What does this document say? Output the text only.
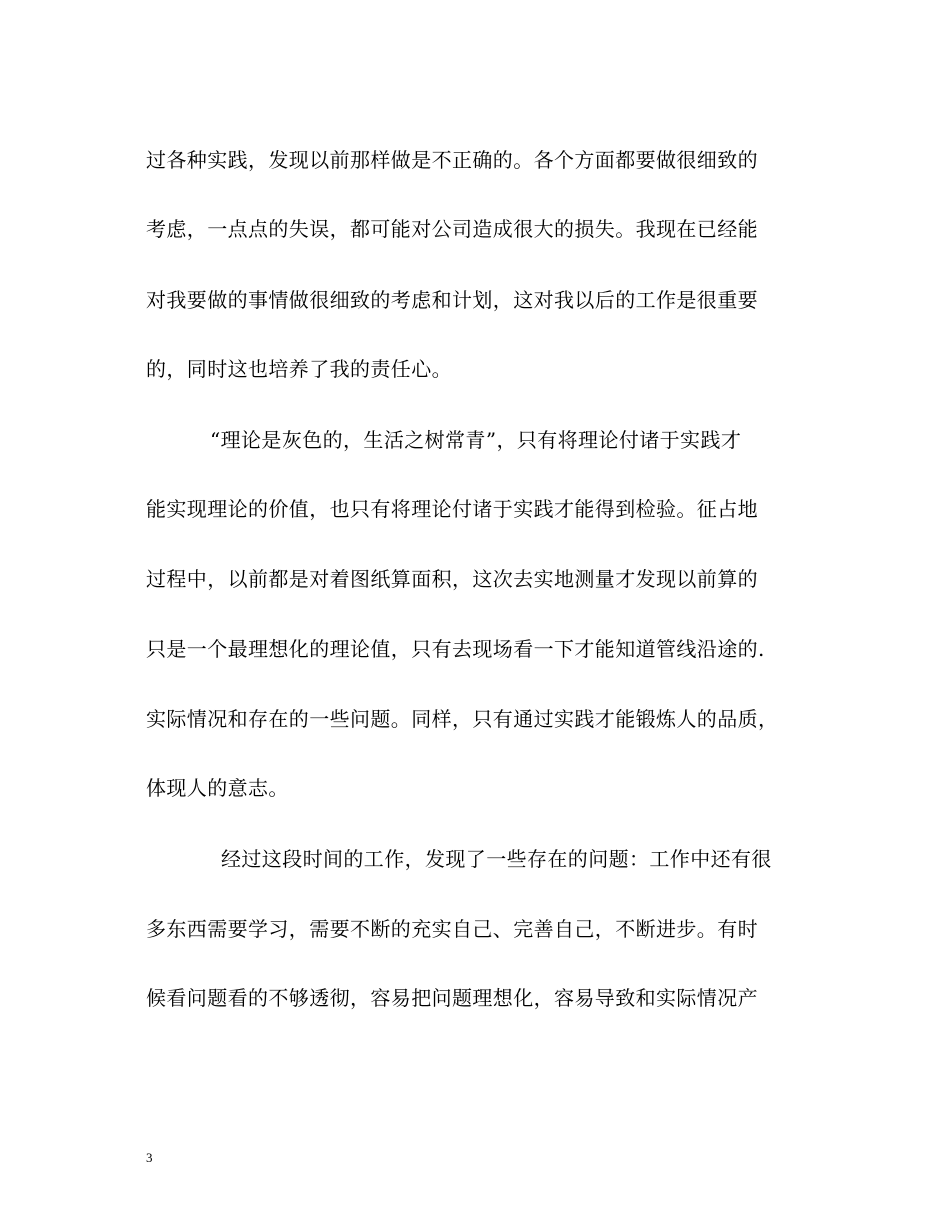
过各种实践，发现以前那样做是不正确的。各个方面都要做很细致的
考虑，一点点的失误，都可能对公司造成很大的损失。我现在已经能
对我要做的事情做很细致的考虑和计划，这对我以后的工作是很重要
的，同时这也培养了我的责任心。
“理论是灰色的，生活之树常青”，只有将理论付诸于实践才
能实现理论的价值，也只有将理论付诸于实践才能得到检验。征占地
过程中，以前都是对着图纸算面积，这次去实地测量才发现以前算的
只是一个最理想化的理论值，只有去现场看一下才能知道管线沿途的.
实际情况和存在的一些问题。同样，只有通过实践才能锻炼人的品质，
体现人的意志。
经过这段时间的工作，发现了一些存在的问题：工作中还有很
多东西需要学习，需要不断的充实自己、完善自己，不断进步。有时
候看问题看的不够透彻，容易把问题理想化，容易导致和实际情况产
3
